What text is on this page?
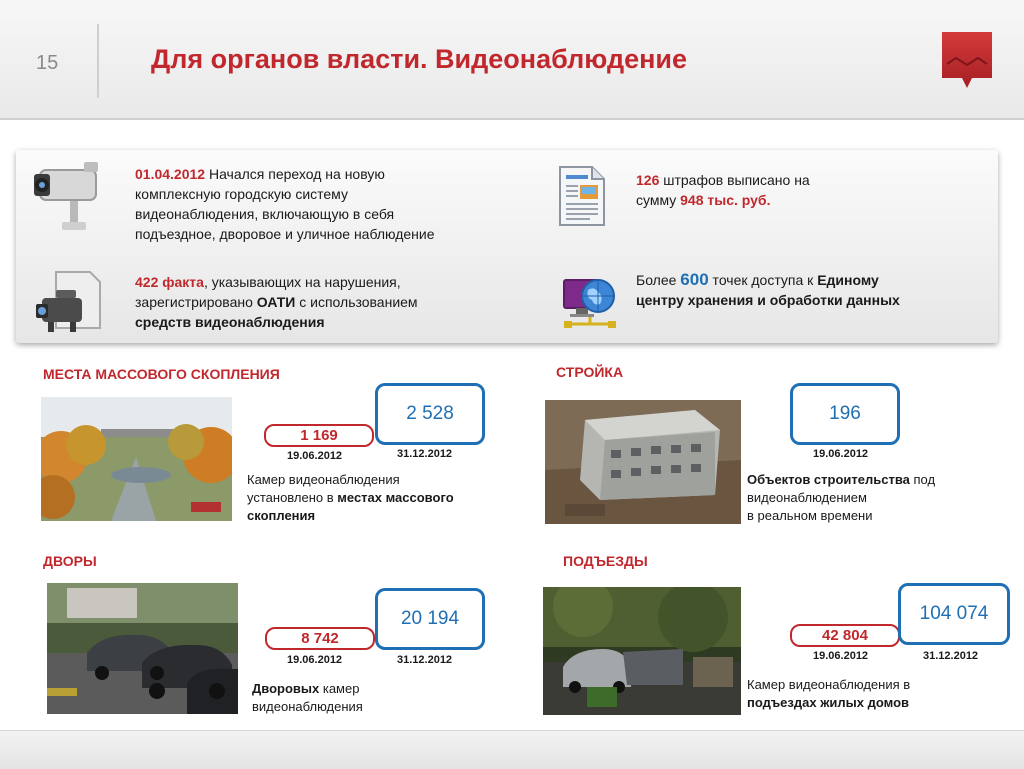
15	Для органов власти. Видеонаблюдение
01.04.2012 Начался переход на новую
комплексную городскую систему
видеонаблюдения, включающую в себя
подъездное, дворовое и уличное наблюдение
126 штрафов выписано на
сумму 948 тыс. руб.
422 факта, указывающих на нарушения,
зарегистрировано ОАТИ с использованием
средств видеонаблюдения
Более 600 точек доступа к Единому
центру хранения и обработки данных
МЕСТА МАССОВОГО СКОПЛЕНИЯ
1 169
2 528
19.06.2012	31.12.2012
Камер видеонаблюдения
установлено в местах массового
скопления
СТРОЙКА
196
19.06.2012
Объектов строительства под
видеонаблюдением
в реальном времени
ДВОРЫ
8 742
20 194
19.06.2012	31.12.2012
Дворовых камер
видеонаблюдения
ПОДЪЕЗДЫ
42 804
104 074
19.06.2012	31.12.2012
Камер видеонаблюдения в
подъездах жилых домов
